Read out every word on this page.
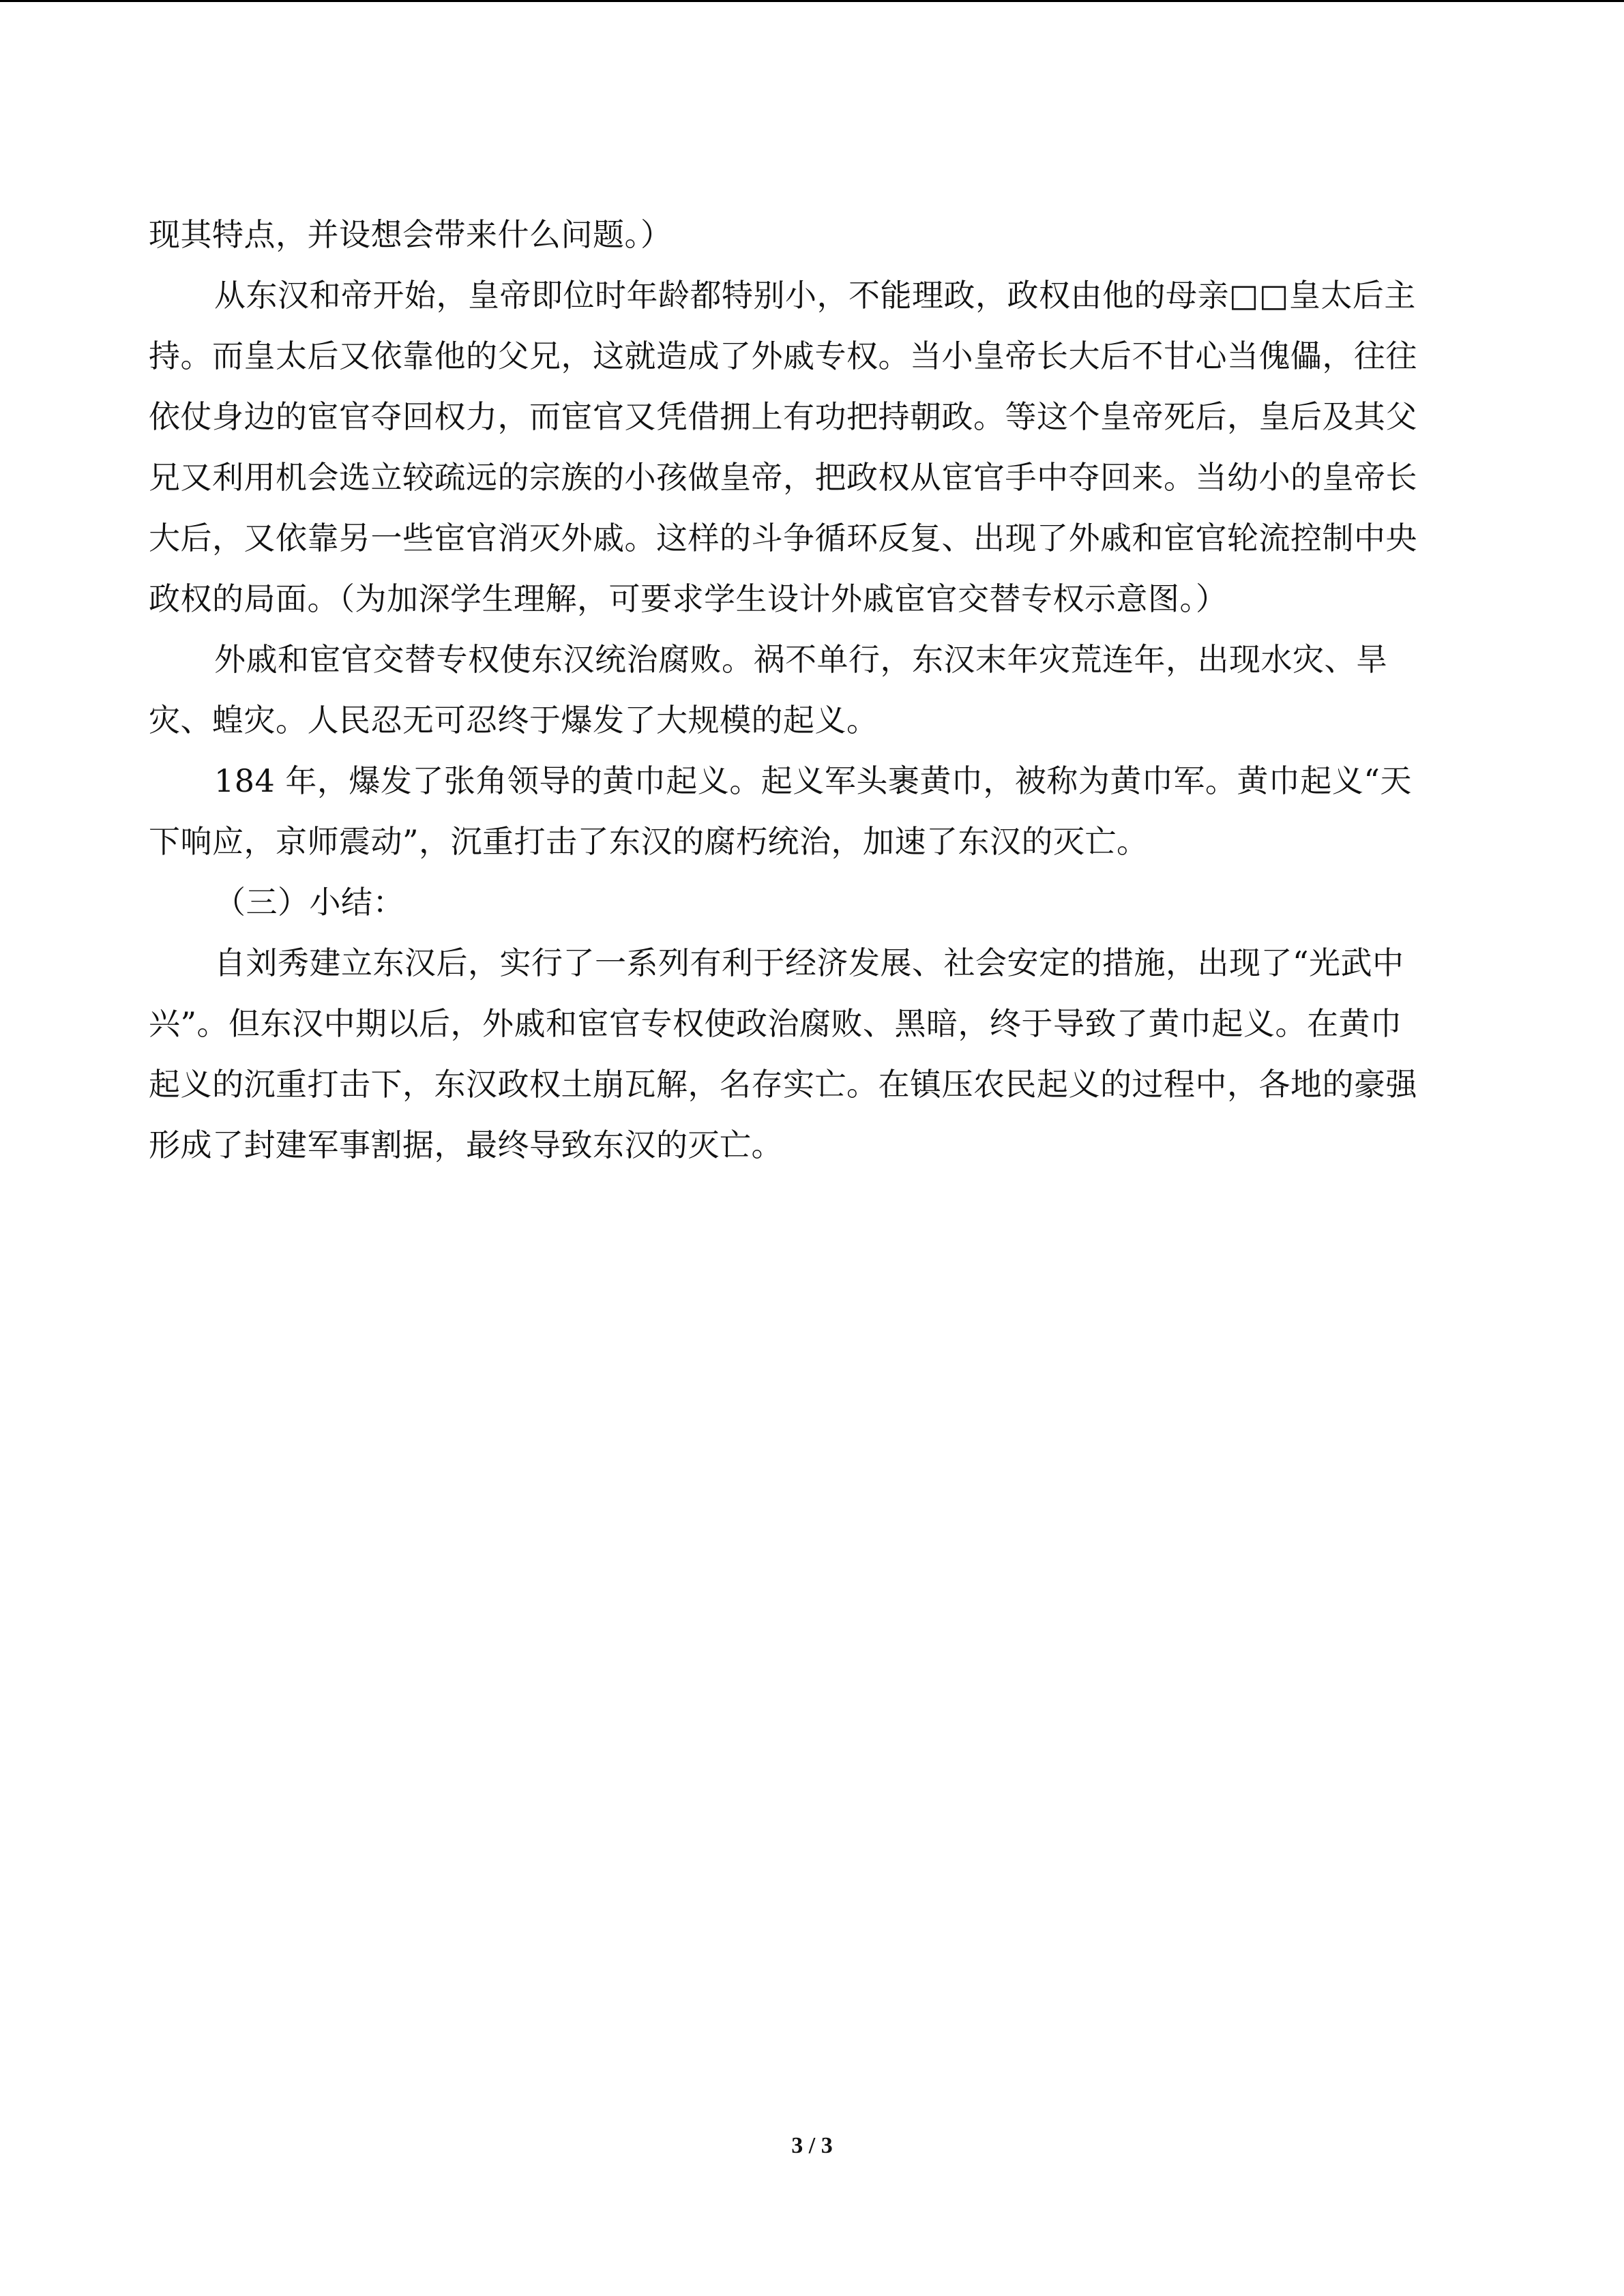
现其特点，并设想会带来什么问题。）

从东汉和帝开始，皇帝即位时年龄都特别小，不能理政，政权由他的母亲□□皇太后主

持。而皇太后又依靠他的父兄，这就造成了外戚专权。当小皇帝长大后不甘心当傀儡，往往

依仗身边的宦官夺回权力，而宦官又凭借拥上有功把持朝政。等这个皇帝死后，皇后及其父

兄又利用机会选立较疏远的宗族的小孩做皇帝，把政权从宦官手中夺回来。当幼小的皇帝长

大后，又依靠另一些宦官消灭外戚。这样的斗争循环反复、出现了外戚和宦官轮流控制中央

政权的局面。（为加深学生理解，可要求学生设计外戚宦官交替专权示意图。）

外戚和宦官交替专权使东汉统治腐败。祸不单行，东汉末年灾荒连年，出现水灾、旱

灾、蝗灾。人民忍无可忍终于爆发了大规模的起义。

184 年，爆发了张角领导的黄巾起义。起义军头裹黄巾，被称为黄巾军。黄巾起义“天

下响应，京师震动”，沉重打击了东汉的腐朽统治，加速了东汉的灭亡。

（三）小结：

自刘秀建立东汉后，实行了一系列有利于经济发展、社会安定的措施，出现了“光武中

兴”。但东汉中期以后，外戚和宦官专权使政治腐败、黑暗，终于导致了黄巾起义。在黄巾

起义的沉重打击下，东汉政权土崩瓦解，名存实亡。在镇压农民起义的过程中，各地的豪强

形成了封建军事割据，最终导致东汉的灭亡。

3 / 3
